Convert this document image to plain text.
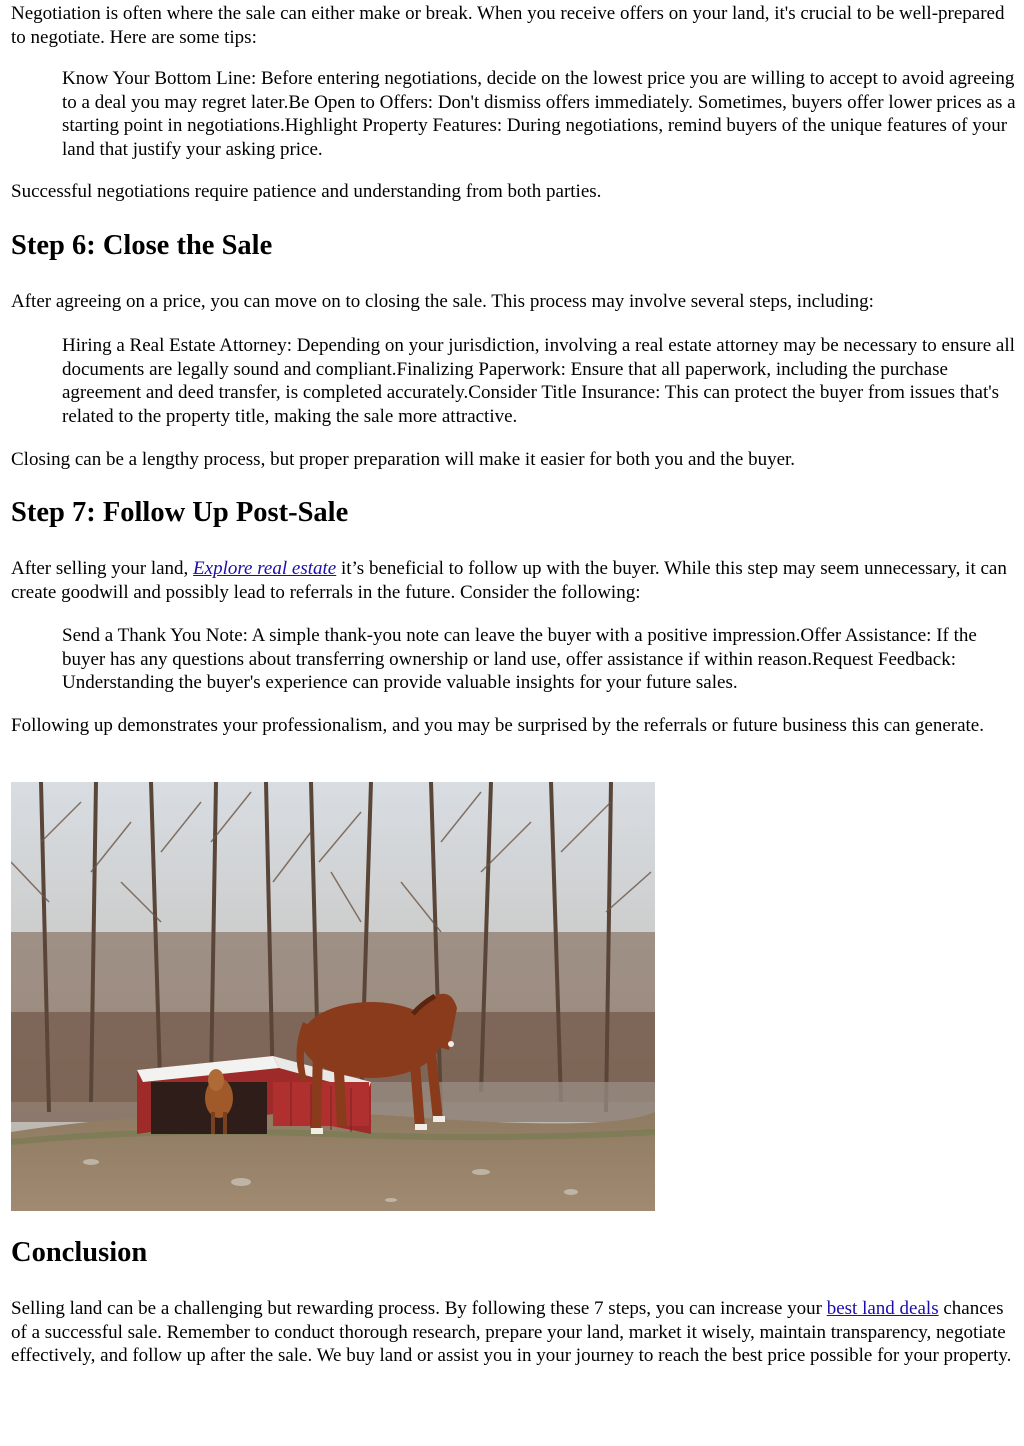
Negotiation is often where the sale can either make or break. When you receive offers on your land, it's crucial to be well-prepared to negotiate. Here are some tips:

Know Your Bottom Line: Before entering negotiations, decide on the lowest price you are willing to accept to avoid agreeing to a deal you may regret later.Be Open to Offers: Don't dismiss offers immediately. Sometimes, buyers offer lower prices as a starting point in negotiations.Highlight Property Features: During negotiations, remind buyers of the unique features of your land that justify your asking price.

Successful negotiations require patience and understanding from both parties.

Step 6: Close the Sale

After agreeing on a price, you can move on to closing the sale. This process may involve several steps, including:

Hiring a Real Estate Attorney: Depending on your jurisdiction, involving a real estate attorney may be necessary to ensure all documents are legally sound and compliant.Finalizing Paperwork: Ensure that all paperwork, including the purchase agreement and deed transfer, is completed accurately.Consider Title Insurance: This can protect the buyer from issues that's related to the property title, making the sale more attractive.

Closing can be a lengthy process, but proper preparation will make it easier for both you and the buyer.

Step 7: Follow Up Post-Sale

After selling your land, Explore real estate it’s beneficial to follow up with the buyer. While this step may seem unnecessary, it can create goodwill and possibly lead to referrals in the future. Consider the following:

Send a Thank You Note: A simple thank-you note can leave the buyer with a positive impression.Offer Assistance: If the buyer has any questions about transferring ownership or land use, offer assistance if within reason.Request Feedback: Understanding the buyer's experience can provide valuable insights for your future sales.

Following up demonstrates your professionalism, and you may be surprised by the referrals or future business this can generate.

Conclusion

Selling land can be a challenging but rewarding process. By following these 7 steps, you can increase your best land deals chances of a successful sale. Remember to conduct thorough research, prepare your land, market it wisely, maintain transparency, negotiate effectively, and follow up after the sale. We buy land or assist you in your journey to reach the best price possible for your property.
